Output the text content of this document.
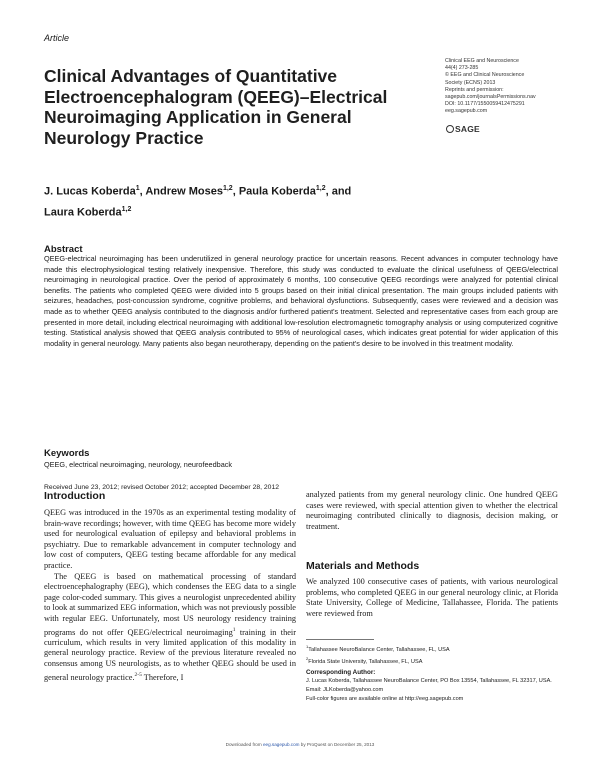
Article
Clinical Advantages of Quantitative Electroencephalogram (QEEG)–Electrical Neuroimaging Application in General Neurology Practice
Clinical EEG and Neuroscience
44(4) 273-285
© EEG and Clinical Neuroscience
Society (ECNS) 2013
Reprints and permission:
sagepub.com/journalsPermissions.nav
DOI: 10.1177/1550059412475291
eeg.sagepub.com
SAGE
J. Lucas Koberda$^1$, Andrew Moses$^{1,2}$, Paula Koberda$^{1,2}$, and
Laura Koberda$^{1,2}$
Abstract
QEEG-electrical neuroimaging has been underutilized in general neurology practice for uncertain reasons. Recent advances in computer technology have made this electrophysiological testing relatively inexpensive. Therefore, this study was conducted to evaluate the clinical usefulness of QEEG/electrical neuroimaging in neurological practice. Over the period of approximately 6 months, 100 consecutive QEEG recordings were analyzed for potential clinical benefits. The patients who completed QEEG were divided into 5 groups based on their initial clinical presentation. The main groups included patients with seizures, headaches, post-concussion syndrome, cognitive problems, and behavioral dysfunctions. Subsequently, cases were reviewed and a decision was made as to whether QEEG analysis contributed to the diagnosis and/or furthered patient's treatment. Selected and representative cases from each group are presented in more detail, including electrical neuroimaging with additional low-resolution electromagnetic tomography analysis or using computerized cognitive testing. Statistical analysis showed that QEEG analysis contributed to 95% of neurological cases, which indicates great potential for wider application of this modality in general neurology. Many patients also began neurotherapy, depending on the patient's desire to be involved in this treatment modality.
Keywords
QEEG, electrical neuroimaging, neurology, neurofeedback
Received June 23, 2012; revised October 2012; accepted December 28, 2012
Introduction

QEEG was introduced in the 1970s as an experimental testing modality of brain-wave recordings; however, with time QEEG has become more widely used for neurological evaluation of epilepsy and behavioral problems in psychiatry. Due to remarkable advancement in computer technology and low cost of computers, QEEG testing became affordable for any medical practice.

The QEEG is based on mathematical processing of standard electroencephalography (EEG), which condenses the EEG data to a single page color-coded summary. This gives a neurologist unprecedented ability to look at summarized EEG information, which was not previously possible with regular EEG. Unfortunately, most US neurology residency training programs do not offer QEEG/electrical neuroimaging$^1$ training in their curriculum, which results in very limited application of this modality in general neurology practice. Review of the previous literature revealed no consensus among US neurologists, as to whether QEEG should be used in general neurology practice.$^{2-5}$ Therefore, I

analyzed patients from my general neurology clinic. One hundred QEEG cases were reviewed, with special attention given to whether the electrical neuroimaging contributed clinically to diagnosis, decision making, or treatment.
Materials and Methods
We analyzed 100 consecutive cases of patients, with various neurological problems, who completed QEEG in our general neurology clinic, at Florida State University, College of Medicine, Tallahassee, Florida. The patients were reviewed from
$^1$Tallahassee NeuroBalance Center, Tallahassee, FL, USA
$^2$Florida State University, Tallahassee, FL, USA
Corresponding Author:
J. Lucas Koberda, Tallahassee NeuroBalance Center, PO Box 13554, Tallahassee, FL 32317, USA.
Email: JLKoberda@yahoo.com
Full-color figures are available online at http://eeg.sagepub.com
Downloaded from eeg.sagepub.com by ProQuest on December 25, 2013
